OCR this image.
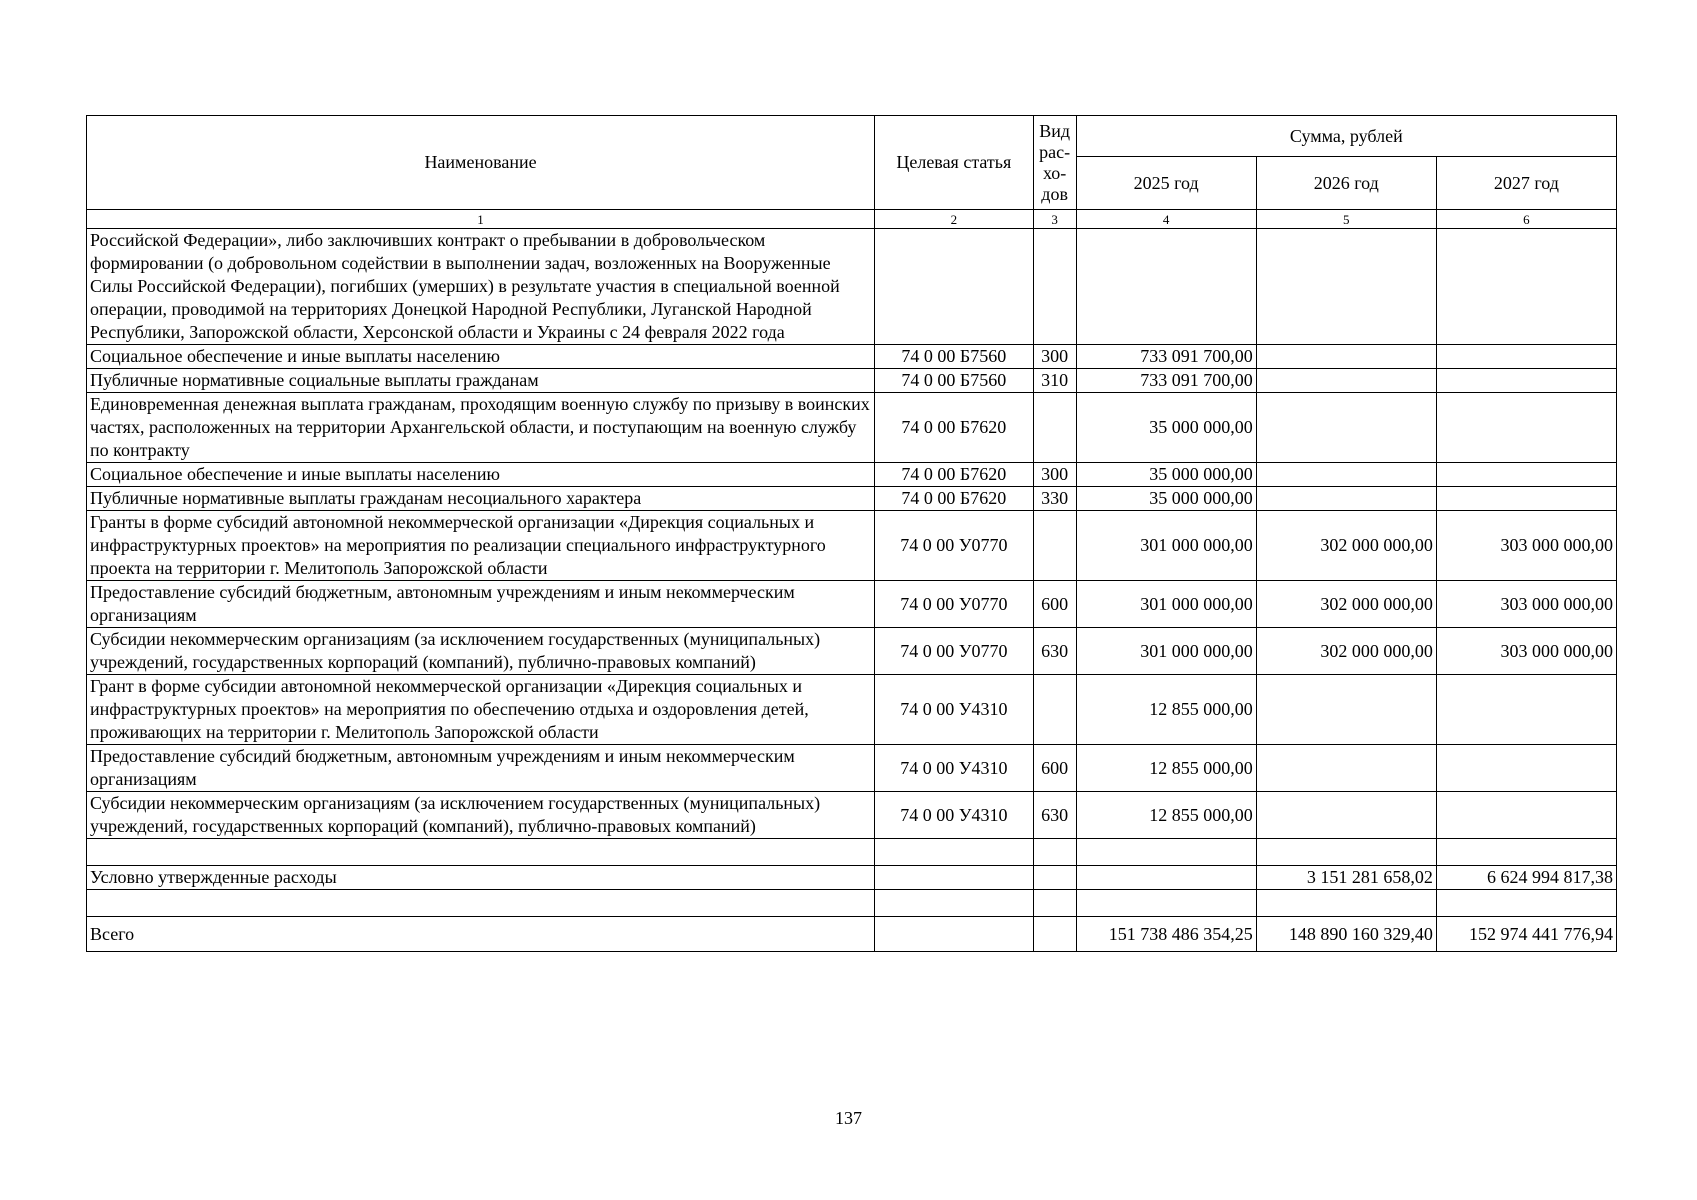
Наименование	Целевая статья	Вид рас-хо-дов	Сумма, рублей		
			2025 год	2026 год	2027 год
1	2	3	4	5	6
Российской Федерации», либо заключивших контракт о пребывании в добровольческом формировании (о добровольном содействии в выполнении задач, возложенных на Вооруженные Силы Российской Федерации), погибших (умерших) в результате участия в специальной военной операции, проводимой на территориях Донецкой Народной Республики, Луганской Народной Республики, Запорожской области, Херсонской области и Украины с 24 февраля 2022 года					
Социальное обеспечение и иные выплаты населению	74 0 00 Б7560	300	733 091 700,00		
Публичные нормативные социальные выплаты гражданам	74 0 00 Б7560	310	733 091 700,00		
Единовременная денежная выплата гражданам, проходящим военную службу по призыву в воинских частях, расположенных на территории Архангельской области, и поступающим на военную службу по контракту	74 0 00 Б7620		35 000 000,00		
Социальное обеспечение и иные выплаты населению	74 0 00 Б7620	300	35 000 000,00		
Публичные нормативные выплаты гражданам несоциального характера	74 0 00 Б7620	330	35 000 000,00		
Гранты в форме субсидий автономной некоммерческой организации «Дирекция социальных и инфраструктурных проектов» на мероприятия по реализации специального инфраструктурного проекта на территории г. Мелитополь Запорожской области	74 0 00 У0770		301 000 000,00	302 000 000,00	303 000 000,00
Предоставление субсидий бюджетным, автономным учреждениям и иным некоммерческим организациям	74 0 00 У0770	600	301 000 000,00	302 000 000,00	303 000 000,00
Субсидии некоммерческим организациям (за исключением государственных (муниципальных) учреждений, государственных корпораций (компаний), публично-правовых компаний)	74 0 00 У0770	630	301 000 000,00	302 000 000,00	303 000 000,00
Грант в форме субсидии автономной некоммерческой организации «Дирекция социальных и инфраструктурных проектов» на мероприятия по обеспечению отдыха и оздоровления детей, проживающих на территории г. Мелитополь Запорожской области	74 0 00 У4310		12 855 000,00		
Предоставление субсидий бюджетным, автономным учреждениям и иным некоммерческим организациям	74 0 00 У4310	600	12 855 000,00		
Субсидии некоммерческим организациям (за исключением государственных (муниципальных) учреждений, государственных корпораций (компаний), публично-правовых компаний)	74 0 00 У4310	630	12 855 000,00		

Условно утвержденные расходы				3 151 281 658,02	6 624 994 817,38

Всего			151 738 486 354,25	148 890 160 329,40	152 974 441 776,94
137
